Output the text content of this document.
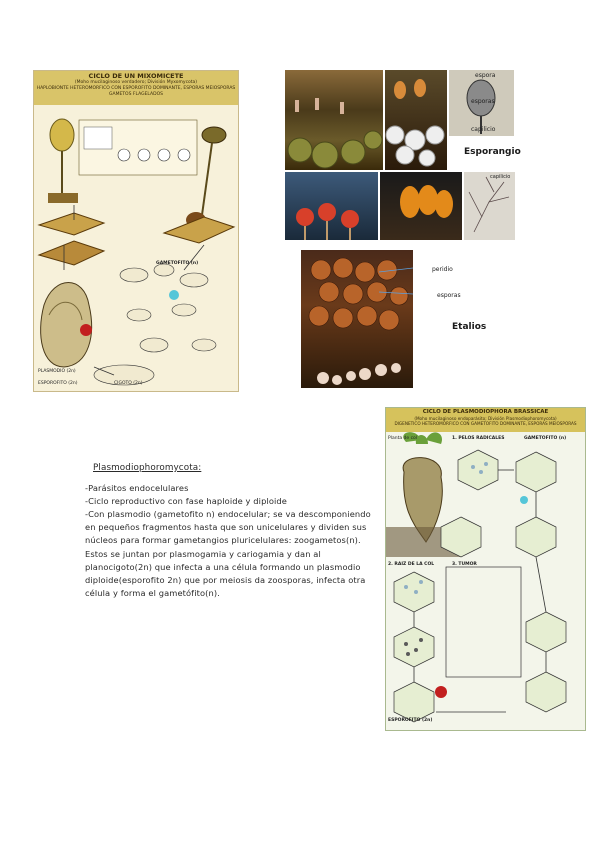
CICLO DE UN MIXOMICETE
(Moho mucilaginoso verdadero; División Myxomycota)
HAPLOBIONTE HETEROMORFICO CON ESPOROFITO DOMINANTE, ESPORAS MEIOSPORAS
GAMETOS FLAGELADOS
GAMETOFITO (n)
PLASMODIO (2n)
ESPOROFITO (2n)	CIGOTO (2n)
espora
esporas
capilicio
Esporangio
capilicio
peridio
esporas
Etalios

Plasmodiophoromycota:

-Parásitos endocelulares

-Ciclo reproductivo con fase haploide y diploide

-Con plasmodio (gametofito n) endocelular; se va descomponiendo

en pequeños fragmentos hasta que son unicelulares y dividen sus

núcleos para formar gametangios pluricelulares: zoogametos(n).

Estos se juntan por plasmogamia y cariogamia y dan al

planocigoto(2n) que infecta a una célula formando un plasmodio

diploide(esporofito 2n) que por meiosis da zoosporas, infecta otra

célula y forma el gametófito(n).

CICLO DE PLASMODIOPHORA BRASSICAE
(Moho mucilaginoso endoparásito; División Plasmodiophoromycota)
DIGENETICO HETEROMORFICO CON GAMETOFITO DOMINANTE, ESPORAS MEIOSPORAS
Planta de col	1. PELOS RADICALES	GAMETOFITO (n)
2. RAIZ DE LA COL	3. TUMOR
ESPOROFITO (2n)
